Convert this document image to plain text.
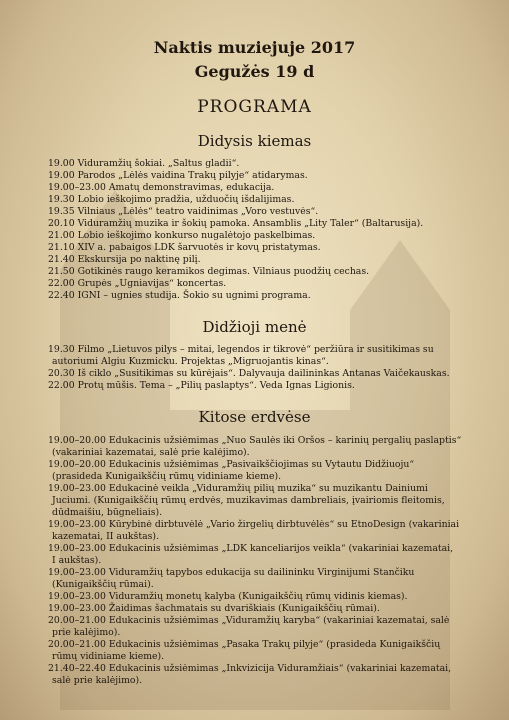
Naktis muziejuje 2017
Gegužės 19 d
PROGRAMA
Didysis kiemas
19.00 Viduramžių šokiai. „Saltus gladii“.
19.00 Parodos „Lėlės vaidina Trakų pilyje“ atidarymas.
19.00–23.00 Amatų demonstravimas, edukacija.
19.30 Lobio ieškojimo pradžia, užduočių išdalijimas.
19.35 Vilniaus „Lėlės“ teatro vaidinimas „Voro vestuvės“.
20.10 Viduramžių muzika ir šokių pamoka. Ansamblis „Lity Taler“ (Baltarusija).
21.00 Lobio ieškojimo konkurso nugalėtojo paskelbimas.
21.10 XIV a. pabaigos LDK šarvuotės ir kovų pristatymas.
21.40 Ekskursija po naktinę pilį.
21.50 Gotikinės raugo keramikos degimas. Vilniaus puodžių cechas.
22.00 Grupės „Ugniavijas“ koncertas.
22.40 IGNI – ugnies studija. Šokio su ugnimi programa.
Didžioji menė
19.30 Filmo „Lietuvos pilys – mitai, legendos ir tikrovė“ peržiūra ir susitikimas su
autoriumi Algiu Kuzmicku. Projektas „Migruojantis kinas“.
20.30 Iš ciklo „Susitikimas su kūrėjais“. Dalyvauja dailininkas Antanas Vaičekauskas.
22.00 Protų mūšis. Tema – „Pilių paslaptys“. Veda Ignas Ligionis.
Kitose erdvėse
19.00–20.00 Edukacinis užsiėmimas „Nuo Saulės iki Oršos – karinių pergalių paslaptis“
(vakariniai kazematai, salė prie kalėjimo).
19.00–20.00 Edukacinis užsiėmimas „Pasivaikščiojimas su Vytautu Didžiuoju“
(prasideda Kunigaikščių rūmų vidiniame kieme).
19.00–23.00 Edukacinė veikla „Viduramžių pilių muzika“ su muzikantu Dainiumi
Juciumi. (Kunigaikščių rūmų erdvės, muzikavimas dambreliais, įvairiomis fleitomis,
dūdmaišiu, būgneliais).
19.00–23.00 Kūrybinė dirbtuvėlė „Vario žirgelių dirbtuvėlės“ su EtnoDesign (vakariniai
kazematai, II aukštas).
19.00–23.00 Edukacinis užsiėmimas „LDK kanceliarijos veikla“ (vakariniai kazematai,
I aukštas).
19.00–23.00 Viduramžių tapybos edukacija su dailininku Virginijumi Stančiku
(Kunigaikščių rūmai).
19.00–23.00 Viduramžių monetų kalyba (Kunigaikščių rūmų vidinis kiemas).
19.00–23.00 Žaidimas šachmatais su dvariškiais (Kunigaikščių rūmai).
20.00–21.00 Edukacinis užsiėmimas „Viduramžių karyba“ (vakariniai kazematai, salė
prie kalėjimo).
20.00–21.00 Edukacinis užsiėmimas „Pasaka Trakų pilyje“ (prasideda Kunigaikščių
rūmų vidiniame kieme).
21.40–22.40 Edukacinis užsiėmimas „Inkvizicija Viduramžiais“ (vakariniai kazematai,
salė prie kalėjimo).
